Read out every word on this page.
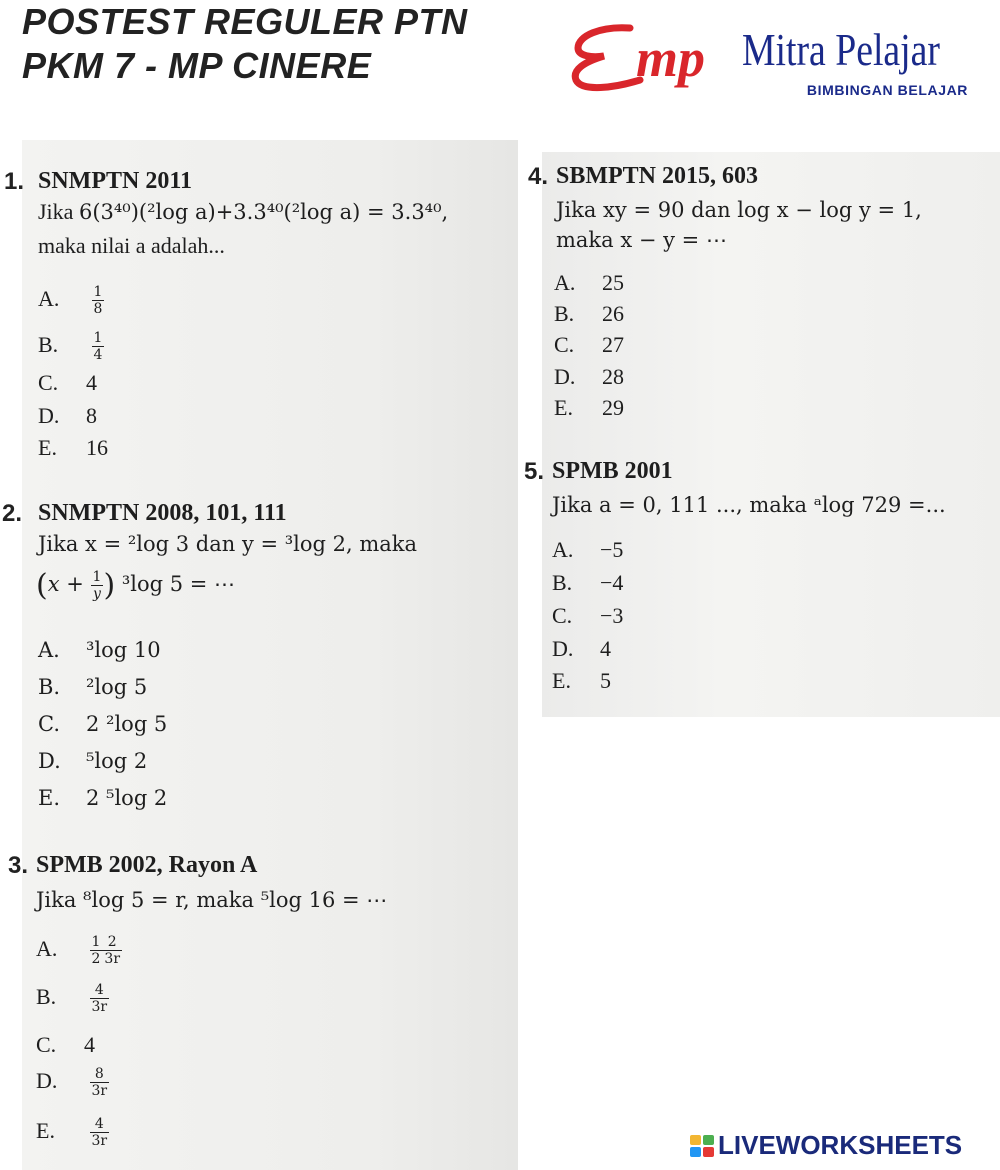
POSTEST REGULER PTN
PKM 7 - MP CINERE	mp Mitra Pelajar
BIMBINGAN BELAJAR
1. SNMPTN 2011
Jika 6(3⁴⁰)(²log a)+3.3⁴⁰(²log a) = 3.3⁴⁰,
maka nilai a adalah...
A. $\frac{1}{8}$
B. $\frac{1}{4}$
C. 4
D. 8
E. 16
2. SNMPTN 2008, 101, 111
Jika x = ²log 3 dan y = ³log 2, maka
($x + \frac{1}{y}$ ) ³log 5 = ⋯
A. ³log 10
B. ²log 5
C. 2 ²log 5
D. ⁵log 2
E. 2 ⁵log 2
3. SPMB 2002, Rayon A
Jika ⁸log 5 = r, maka ⁵log 16 = ⋯
A. $\frac{1}{2} \frac{2}{3r}$
B. $\frac{4}{3r}$
C. 4
D. $\frac{8}{3r}$
E. $\frac{4}{3r}$
4. SBMPTN 2015, 603
Jika xy = 90 dan log x − log y = 1,
maka x − y = ⋯
A. 25
B. 26
C. 27
D. 28
E. 29
5. SPMB 2001
Jika a = 0, 111 ..., maka ᵃlog 729 =...
A. −5
B. −4
C. −3
D. 4
E. 5
LIVEWORKSHEETS
